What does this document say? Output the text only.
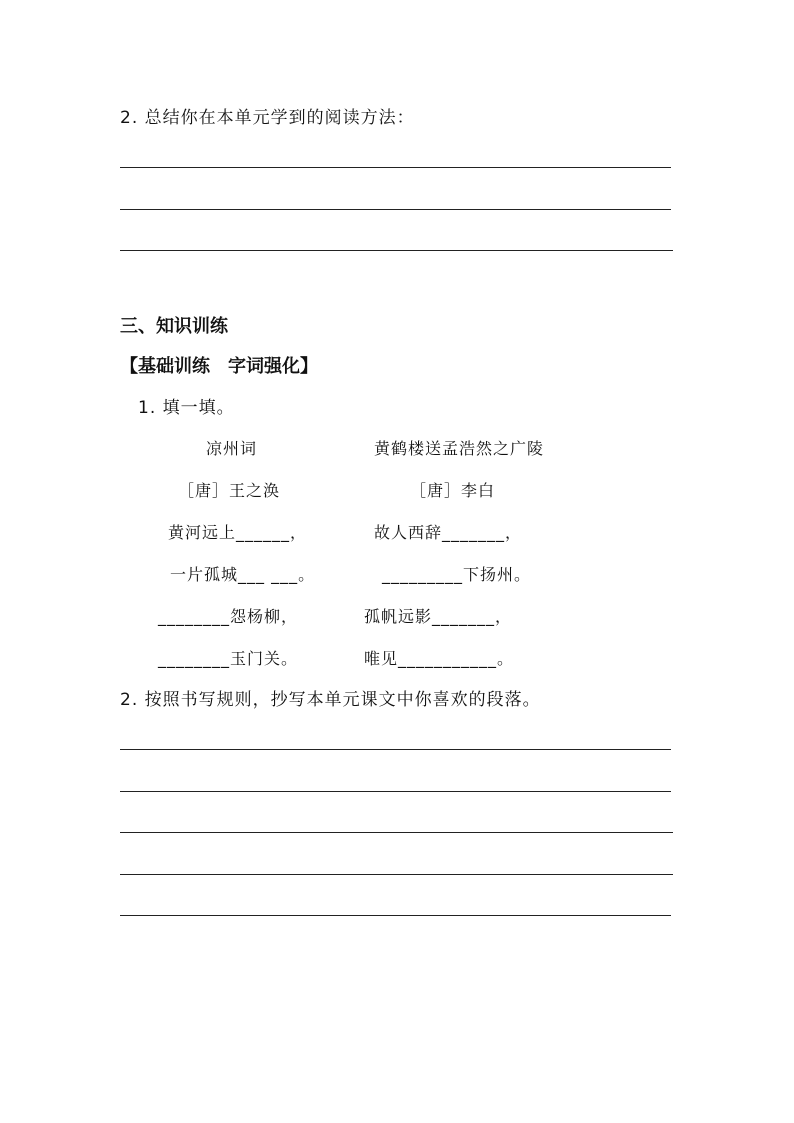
2. 总结你在本单元学到的阅读方法：
三、知识训练
【基础训练　字词强化】
1. 填一填。
凉州词
［唐］王之涣
黄河远上______，
一片孤城___ ___。
________怨杨柳，
________玉门关。
黄鹤楼送孟浩然之广陵
［唐］李白
故人西辞_______，
_________下扬州。
孤帆远影_______，
唯见___________。
2. 按照书写规则，抄写本单元课文中你喜欢的段落。
